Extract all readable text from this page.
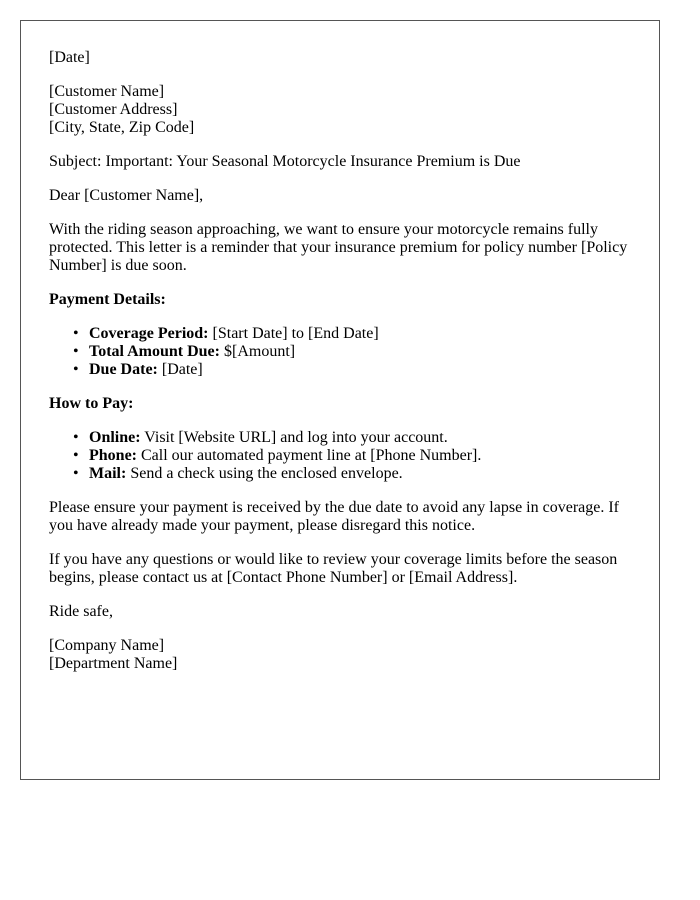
[Date]
[Customer Name]
[Customer Address]
[City, State, Zip Code]
Subject: Important: Your Seasonal Motorcycle Insurance Premium is Due
Dear [Customer Name],
With the riding season approaching, we want to ensure your motorcycle remains fully protected. This letter is a reminder that your insurance premium for policy number [Policy Number] is due soon.
Payment Details:
• Coverage Period: [Start Date] to [End Date]
• Total Amount Due: $[Amount]
• Due Date: [Date]
How to Pay:
• Online: Visit [Website URL] and log into your account.
• Phone: Call our automated payment line at [Phone Number].
• Mail: Send a check using the enclosed envelope.
Please ensure your payment is received by the due date to avoid any lapse in coverage. If you have already made your payment, please disregard this notice.
If you have any questions or would like to review your coverage limits before the season begins, please contact us at [Contact Phone Number] or [Email Address].
Ride safe,
[Company Name]
[Department Name]
